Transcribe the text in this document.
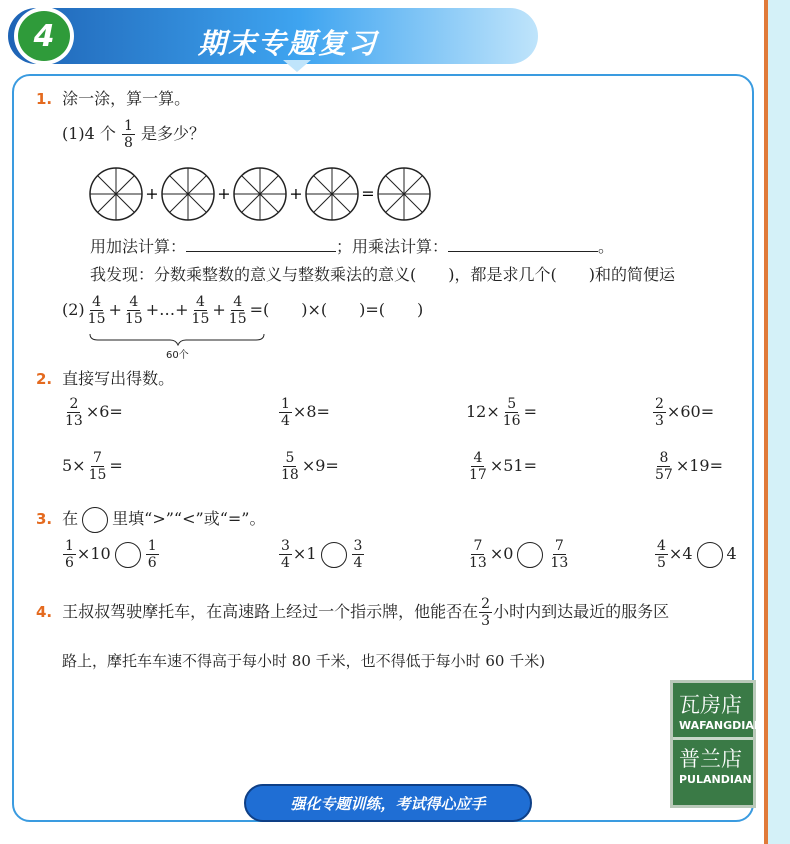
期末专题复习
4
1. 涂一涂，算一算。
(1)4 个 $\frac{1}{8}$ 是多少？
+	+	+	=
用加法计算：	；用乘法计算：	。
我发现：分数乘整数的意义与整数乘法的意义(　　)，都是求几个(　　)和的简便运
$(2) \frac{4}{15} + \frac{4}{15}$ +…+ $\frac{4}{15} + \frac{4}{15}$ =(　　)×(　　)=(　　)
60个
2. 直接写出得数。
$\frac{2}{13} \times 6=$	$\frac{1}{4} \times 8=$	$12\times \frac{5}{16}$ =	$\frac{2}{3} \times 60=$
$5\times \frac{7}{15}$ =	$\frac{5}{18} \times 9=$	$\frac{4}{17} \times 51=$	$\frac{8}{57} \times 19=$
3. 在 里填“>”“<”或“=”。
$\frac{1}{6} \times 10$	$\frac{1}{6}$	$\frac{3}{4} \times 1$	$\frac{3}{4}$	$\frac{7}{13} \times 0$	$\frac{7}{13}$	$\frac{4}{5} \times 4$ 4
4. 王叔叔驾驶摩托车，在高速路上经过一个指示牌，他能否在 $\frac{2}{3}$ 小时内到达最近的服务区
路上，摩托车车速不得高于每小时 80 千米，也不得低于每小时 60 千米)
瓦房店
WAFANGDIAN
普兰店
PULANDIAN
强化专题训练，考试得心应手
